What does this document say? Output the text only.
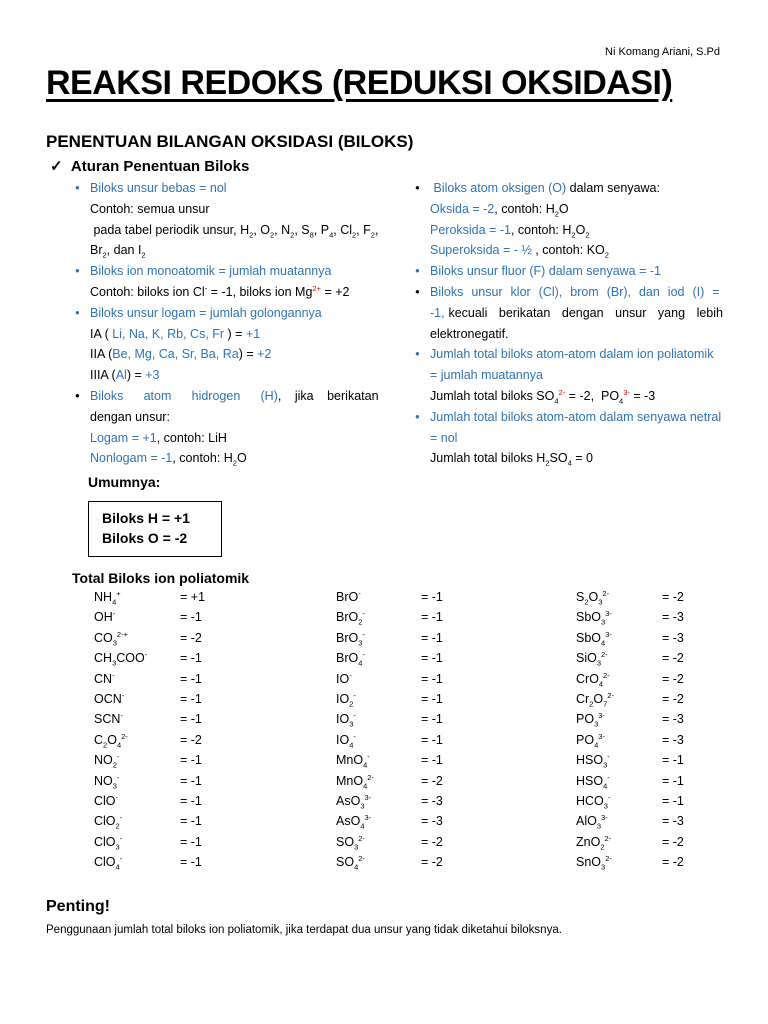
Ni Komang Ariani, S.Pd
REAKSI REDOKS (REDUKSI OKSIDASI)
PENENTUAN BILANGAN OKSIDASI (BILOKS)
✓ Aturan Penentuan Biloks

● Biloks unsur bebas = nol

Contoh: semua unsur

pada tabel periodik unsur, $H_2$, $O_2$, $N_2$, $S_8$, $P_4$, $Cl_2$, $F_2$,

$Br_2$, dan $I_2$

● Biloks ion monoatomik = jumlah muatannya

Contoh: biloks ion Cl- = -1, biloks ion $Mg^{2+} = +2$

● Biloks unsur logam = jumlah golongannya

IA ( Li, Na, K, Rb, Cs, Fr ) = +1

IIA (Be, Mg, Ca, Sr, Ba, Ra) = +2

IIIA (Al) = +3

● Biloks   atom   hidrogen   (H),  jika  berikatan  dengan unsur:

Logam = +1, contoh: LiH

Nonlogam = -1, contoh: $H_2O$

● Biloks atom oksigen (O) dalam senyawa:

Oksida = -2, contoh: $H_2O$

Peroksida = -1, contoh: $H_2O_2$

Superoksida = - ½ , contoh: $KO_2$

● Biloks unsur fluor (F) dalam senyawa = -1

● Biloks  unsur  klor  (Cl),  brom  (Br),  dan  iod  (I)  =  -1, kecuali   berikatan   dengan   unsur   yang   lebih elektronegatif.

● Jumlah total biloks atom-atom dalam ion poliatomik = jumlah muatannya

Jumlah total biloks $SO_4^{2-} = -2$,  $PO_4^{3-} = -3$

● Jumlah total biloks atom-atom dalam senyawa netral = nol

Jumlah total biloks $H_2SO_4 = 0$

Umumnya:
Biloks H = +1
Biloks O = -2
Total Biloks ion poliatomik
$NH_4^+$	= +1	BrO-	= -1	$S_2O_3^{2-}$	= -2
OH-	= -1	BrO$_2$-	= -1	SbO$_3^{3-}$	= -3
$CO_3^{2-+}$	= -2	BrO$_3$-	= -1	SbO$_4^{3-}$	= -3
$CH_3COO^-$	= -1	BrO$_4$-	= -1	SiO$_3^{2-}$	= -2
CN-	= -1	IO-	= -1	CrO$_4^{2-}$	= -2
OCN-	= -1	$IO_2^-$	= -1	$Cr_2O_7^{2-}$	= -2
SCN-	= -1	$IO_3^-$	= -1	$PO_3^{3-}$	= -3
$C_2O_4^{2-}$	= -2	$IO_4^-$	= -1	$PO_4^{3-}$	= -3
$NO_2^-$	= -1	MnO$_4$-	= -1	$HSO_3^-$	= -1
$NO_3^-$	= -1	MnO$_4^{2-}$	= -2	$HSO_4^-$	= -1
ClO-	= -1	AsO$_3^{3-}$	= -3	$HCO_3^-$	= -1
ClO$_2$-	= -1	AsO$_4^{3-}$	= -3	AlO$_3^{3-}$	= -3
ClO$_3$-	= -1	$SO_3^{2-}$	= -2	ZnO$_2^{2-}$	= -2
ClO$_4$-	= -1	$SO_4^{2-}$	= -2	SnO$_3^{2-}$	= -2
Penting!
Penggunaan jumlah total biloks ion poliatomik, jika terdapat dua unsur yang tidak diketahui biloksnya.
